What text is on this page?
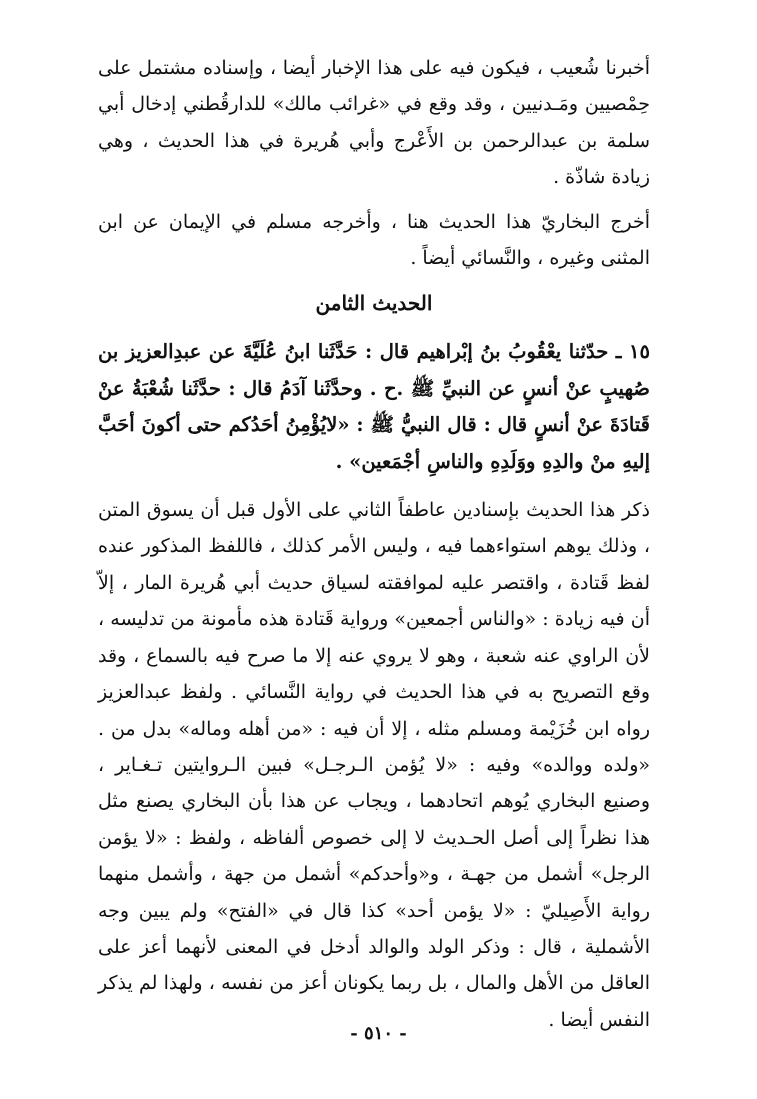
أخبرنا شُعيب ، فيكون فيه على هذا الإخبار أيضا ، وإسناده مشتمل على حِمْصيين ومَـدنيين ، وقد وقع في «غرائب مالك» للدارقُطني إدخال أبي سلمة بن عبدالرحمن بن الأَعْرج وأبي هُريرة في هذا الحديث ، وهي زيادة شاذّة .

أخرج البخاريّ هذا الحديث هنا ، وأخرجه مسلم في الإيمان عن ابن المثنى وغيره ، والنَّسائي أيضاً .

الحديث الثامن

١٥ ـ حدّثنا يعْقُوبُ بنُ إبْراهيم قال : حَدَّثَنا ابنُ عُلَيَّةَ عن عبدِالعزيز بن صُهيبٍ عنْ أنسٍ عن النبيِّ ﷺ .ح . وحدَّثَنا آدَمُ قال : حدَّثَنا شُعْبَةُ عنْ قَتادَةَ عنْ أنسٍ قال : قال النبيُّ ﷺ : «لايُؤْمِنُ أحَدُكم حتى أكونَ أحَبَّ إليهِ منْ والدِهِ ووَلَدِهِ والناسِ أجْمَعين» .

ذكر هذا الحديث بإسنادين عاطفاً الثاني على الأول قبل أن يسوق المتن ، وذلك يوهم استواءهما فيه ، وليس الأمر كذلك ، فاللفظ المذكور عنده لفظ قَتادة ، واقتصر عليه لموافقته لسياق حديث أبي هُريرة المار ، إلاّ أن فيه زيادة : «والناس أجمعين» ورواية قَتادة هذه مأمونة من تدليسه ، لأن الراوي عنه شعبة ، وهو لا يروي عنه إلا ما صرح فيه بالسماع ، وقد وقع التصريح به في هذا الحديث في رواية النَّسائي . ولفظ عبدالعزيز رواه ابن خُزَيْمة ومسلم مثله ، إلا أن فيه : «من أهله وماله» بدل من . «ولده ووالده» وفيه : «لا يُؤمن الـرجـل» فبين الـروايتين تـغـاير ، وصنيع البخاري يُوهم اتحادهما ، ويجاب عن هذا بأن البخاري يصنع مثل هذا نظراً إلى أصل الحـديث لا إلى خصوص ألفاظه ، ولفظ : «لا يؤمن الرجل» أشمل من جهـة ، و«وأحدكم» أشمل من جهة ، وأشمل منهما رواية الأَصِيليّ : «لا يؤمن أحد» كذا قال في «الفتح» ولم يبين وجه الأشملية ، قال : وذكر الولد والوالد أدخل في المعنى لأنهما أعز على العاقل من الأهل والمال ، بل ربما يكونان أعز من نفسه ، ولهذا لم يذكر النفس أيضا .

- ٥١٠ -
